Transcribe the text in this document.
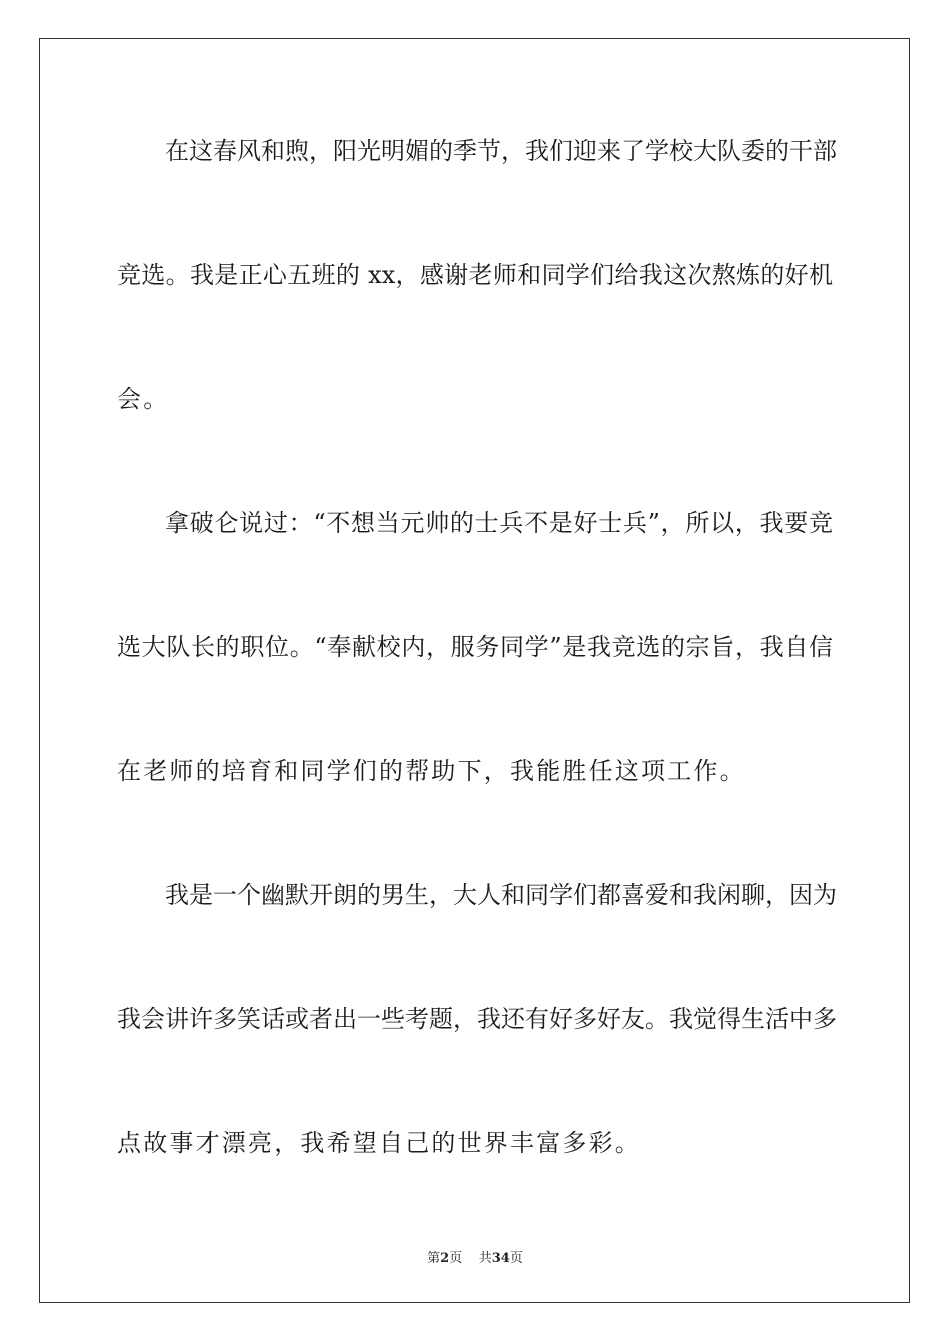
在这春风和煦，阳光明媚的季节，我们迎来了学校大队委的干部
竞选。我是正心五班的 xx，感谢老师和同学们给我这次熬炼的好机
会。
拿破仑说过：“不想当元帅的士兵不是好士兵”，所以，我要竞
选大队长的职位。“奉献校内，服务同学”是我竞选的宗旨，我自信
在老师的培育和同学们的帮助下，我能胜任这项工作。
我是一个幽默开朗的男生，大人和同学们都喜爱和我闲聊，因为
我会讲许多笑话或者出一些考题，我还有好多好友。我觉得生活中多
点故事才漂亮，我希望自己的世界丰富多彩。
第2页 共34页
